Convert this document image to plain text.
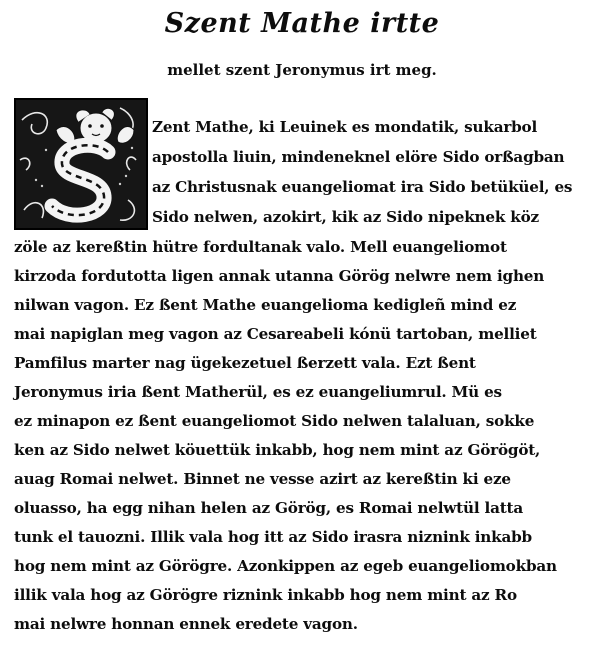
Szent Mathe irtte
mellet szent Jeronymus irt meg.
Zent Mathe, ki Leuinek es mondatik, sukarbol
apostolla liuin, mindeneknel elöre Sido orßagban
az Christusnak euangeliomat ira Sido betüküel, es
Sido nelwen, azokirt, kik az Sido nipeknek köz
zöle az kereßtin hütre fordultanak valo. Mell euangeliomot
kirzoda fordutotta ligen annak utanna Görög nelwre nem ighen
nilwan vagon. Ez ßent Mathe euangelioma kedigleñ mind ez
mai napiglan meg vagon az Cesareabeli kónü tartoban, melliet
Pamfilus marter nag ügekezetuel ßerzett vala. Ezt ßent
Jeronymus iria ßent Matherül, es ez euangeliumrul. Mü es
ez minapon ez ßent euangeliomot Sido nelwen talaluan, sokke
ken az Sido nelwet köuettük inkabb, hog nem mint az Görögöt,
auag Romai nelwet. Binnet ne vesse azirt az kereßtin ki eze
oluasso, ha egg nihan helen az Görög, es Romai nelwtül latta
tunk el tauozni. Illik vala hog itt az Sido irasra niznink inkabb
hog nem mint az Görögre. Azonkippen az egeb euangeliomokban
illik vala hog az Görögre riznink inkabb hog nem mint az Ro
mai nelwre honnan ennek eredete vagon.
